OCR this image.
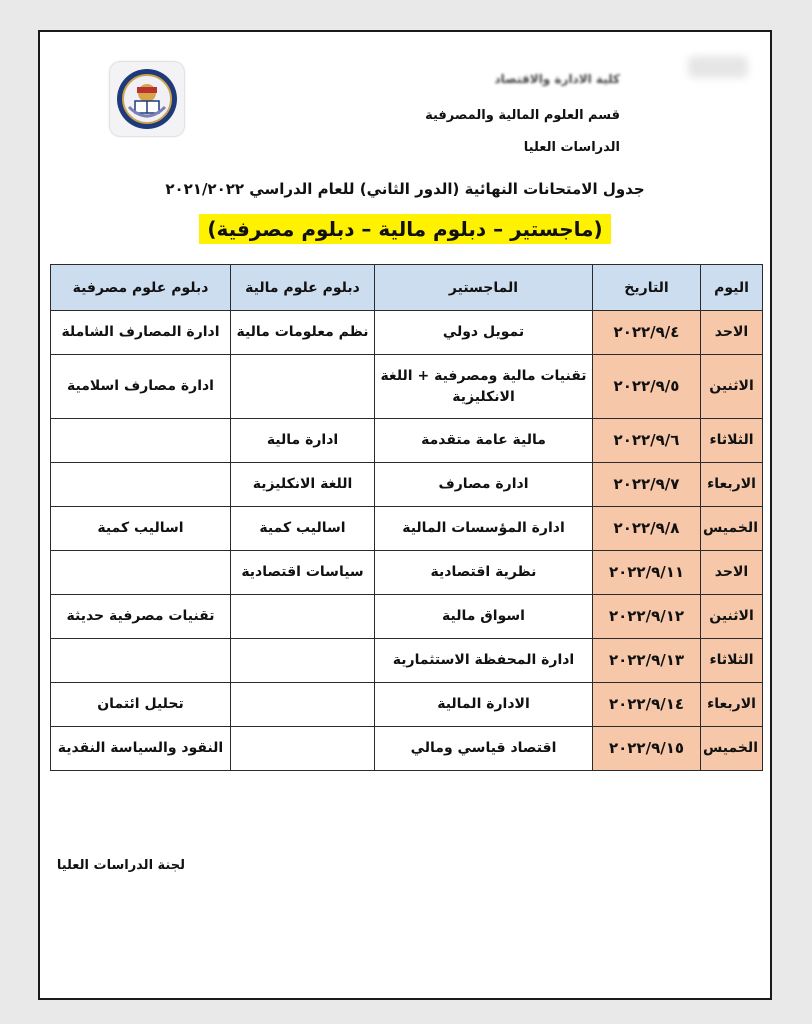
كلية الادارة والاقتصاد
قسم العلوم المالية والمصرفية
الدراسات العليا
جدول الامتحانات النهائية (الدور الثاني) للعام الدراسي ٢٠٢١/٢٠٢٢
(ماجستير – دبلوم مالية – دبلوم مصرفية)
اليوم	التاريخ	الماجستير	دبلوم علوم مالية	دبلوم علوم مصرفية
الاحد	٢٠٢٢/٩/٤	تمويل دولي	نظم معلومات مالية	ادارة المصارف الشاملة
الاثنين	٢٠٢٢/٩/٥	تقنيات مالية ومصرفية + اللغة الانكليزية		ادارة مصارف اسلامية
الثلاثاء	٢٠٢٢/٩/٦	مالية عامة متقدمة	ادارة مالية	
الاربعاء	٢٠٢٢/٩/٧	ادارة مصارف	اللغة الانكليزية	
الخميس	٢٠٢٢/٩/٨	ادارة المؤسسات المالية	اساليب كمية	اساليب كمية
الاحد	٢٠٢٢/٩/١١	نظرية اقتصادية	سياسات اقتصادية	
الاثنين	٢٠٢٢/٩/١٢	اسواق مالية		تقنيات مصرفية حديثة
الثلاثاء	٢٠٢٢/٩/١٣	ادارة المحفظة الاستثمارية		
الاربعاء	٢٠٢٢/٩/١٤	الادارة المالية		تحليل ائتمان
الخميس	٢٠٢٢/٩/١٥	اقتصاد قياسي ومالي		النقود والسياسة النقدية
لجنة الدراسات العليا
